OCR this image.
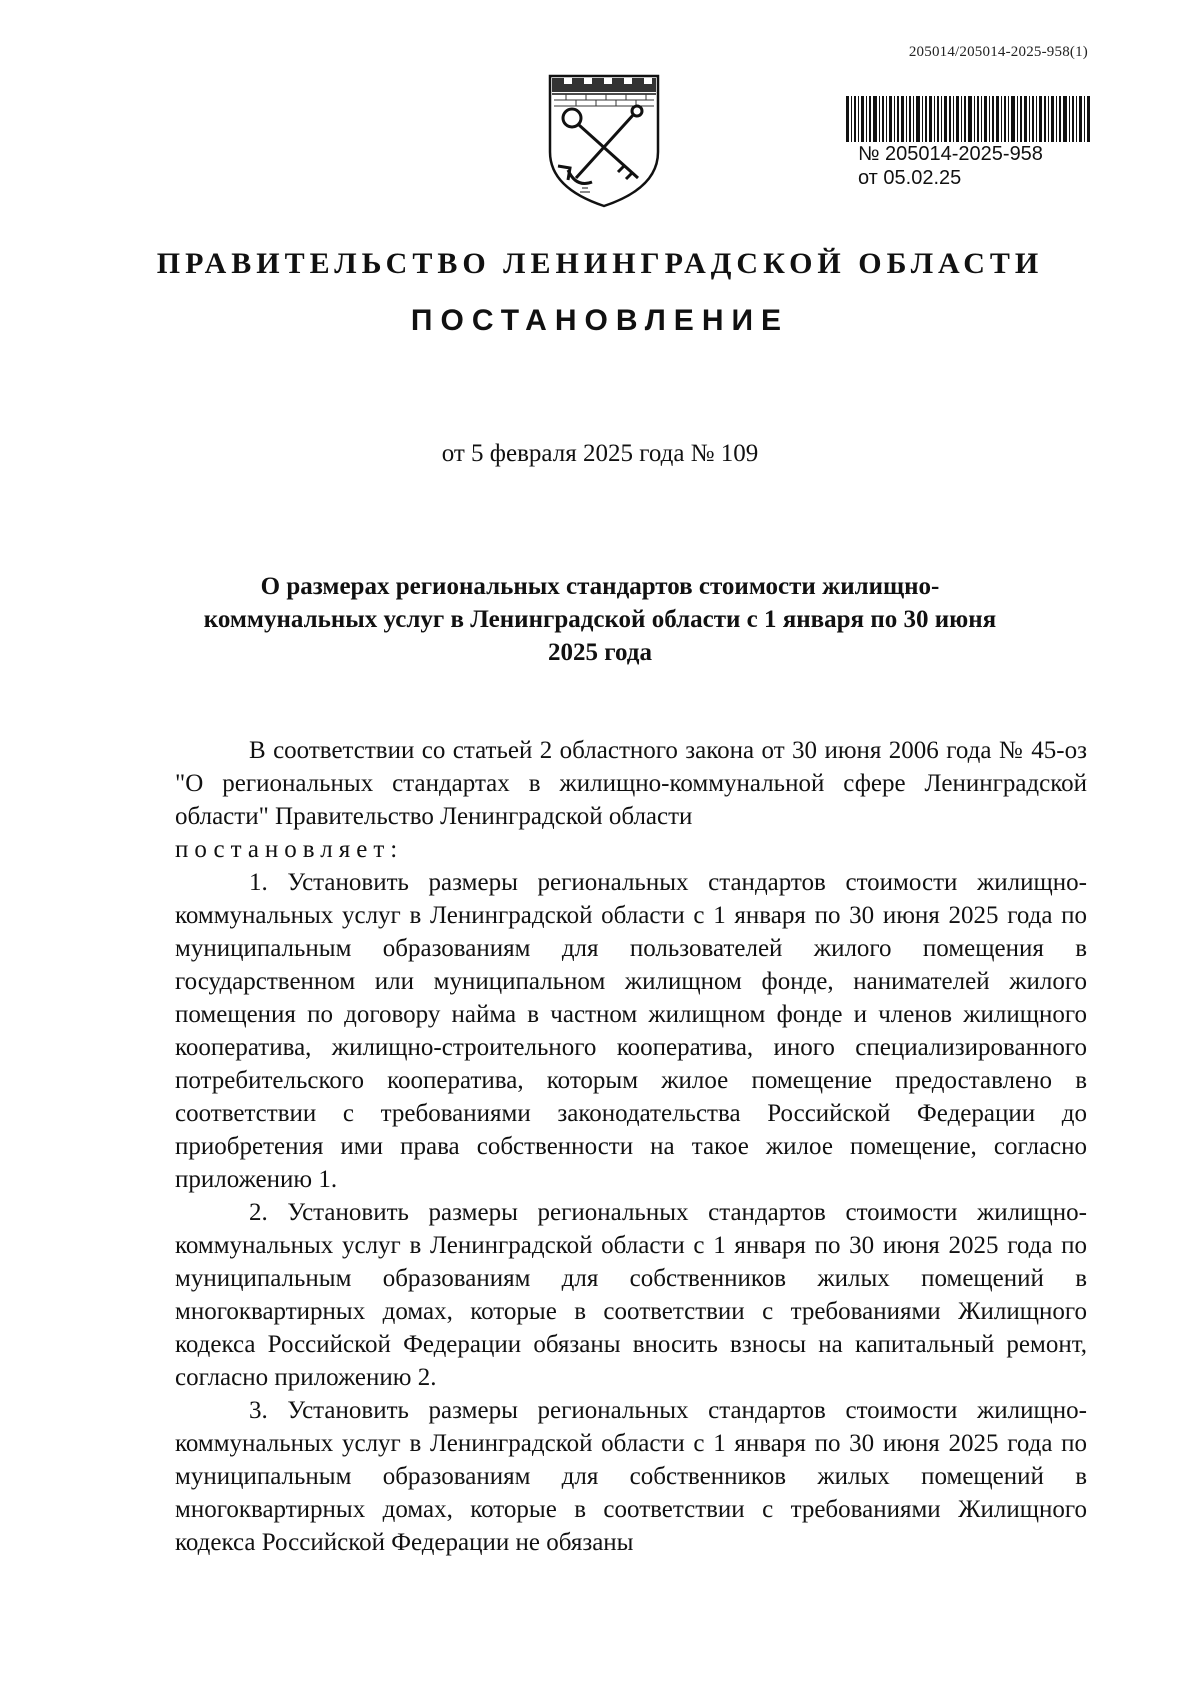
205014/205014-2025-958(1)
№ 205014-2025-958
от 05.02.25
ПРАВИТЕЛЬСТВО ЛЕНИНГРАДСКОЙ ОБЛАСТИ
ПОСТАНОВЛЕНИЕ
от 5 февраля 2025 года № 109
О размерах региональных стандартов стоимости жилищно-коммунальных услуг в Ленинградской области с 1 января по 30 июня 2025 года

В соответствии со статьей 2 областного закона от 30 июня 2006 года № 45-оз "О региональных стандартах в жилищно-коммунальной сфере Ленинградской области" Правительство Ленинградской области
постановляет:

1. Установить размеры региональных стандартов стоимости жилищно-коммунальных услуг в Ленинградской области с 1 января по 30 июня 2025 года по муниципальным образованиям для пользователей жилого помещения в государственном или муниципальном жилищном фонде, нанимателей жилого помещения по договору найма в частном жилищном фонде и членов жилищного кооператива, жилищно-строительного кооператива, иного специализированного потребительского кооператива, которым жилое помещение предоставлено в соответствии с требованиями законодательства Российской Федерации до приобретения ими права собственности на такое жилое помещение, согласно приложению 1.

2. Установить размеры региональных стандартов стоимости жилищно-коммунальных услуг в Ленинградской области с 1 января по 30 июня 2025 года по муниципальным образованиям для собственников жилых помещений в многоквартирных домах, которые в соответствии с требованиями Жилищного кодекса Российской Федерации обязаны вносить взносы на капитальный ремонт, согласно приложению 2.

3. Установить размеры региональных стандартов стоимости жилищно-коммунальных услуг в Ленинградской области с 1 января по 30 июня 2025 года по муниципальным образованиям для собственников жилых помещений в многоквартирных домах, которые в соответствии с требованиями Жилищного кодекса Российской Федерации не обязаны
